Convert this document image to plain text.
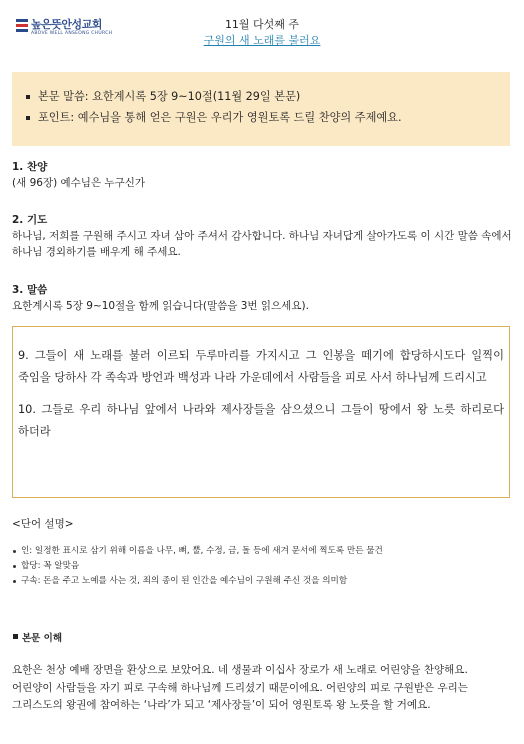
높은뜻안성교회
ABOVE WELL ANSEONG CHURCH
11월 다섯째 주
구원의 새 노래를 불러요
본문 말씀: 요한계시록 5장 9~10절(11월 29일 본문)
포인트: 예수님을 통해 얻은 구원은 우리가 영원토록 드릴 찬양의 주제예요.
1. 찬양
(새 96장) 예수님은 누구신가
2. 기도
하나님, 저희를 구원해 주시고 자녀 삼아 주셔서 감사합니다. 하나님 자녀답게 살아가도록 이 시간 말씀 속에서 하나님 경외하기를 배우게 해 주세요.
3. 말씀
요한계시록 5장 9~10절을 함께 읽습니다(말씀을 3번 읽으세요).

9. 그들이 새 노래를 불러 이르되 두루마리를 가지시고 그 인봉을 떼기에 합당하시도다 일찍이 죽임을 당하사 각 족속과 방언과 백성과 나라 가운데에서 사람들을 피로 사서 하나님께 드리시고

10. 그들로 우리 하나님 앞에서 나라와 제사장들을 삼으셨으니 그들이 땅에서 왕 노릇 하리로다 하더라

<단어 설명>
인: 일정한 표시로 삼기 위해 이름을 나무, 뼈, 뿔, 수정, 금, 돌 등에 새겨 문서에 찍도록 만든 물건
합당: 꼭 알맞음
구속: 돈을 주고 노예를 사는 것, 죄의 종이 된 인간을 예수님이 구원해 주신 것을 의미함
본문 이해
요한은 천상 예배 장면을 환상으로 보았어요. 네 생물과 이십사 장로가 새 노래로 어린양을 찬양해요. 어린양이 사람들을 자기 피로 구속해 하나님께 드리셨기 때문이에요. 어린양의 피로 구원받은 우리는 그리스도의 왕권에 참여하는 ‘나라’가 되고 ‘제사장들’이 되어 영원토록 왕 노릇을 할 거예요.
